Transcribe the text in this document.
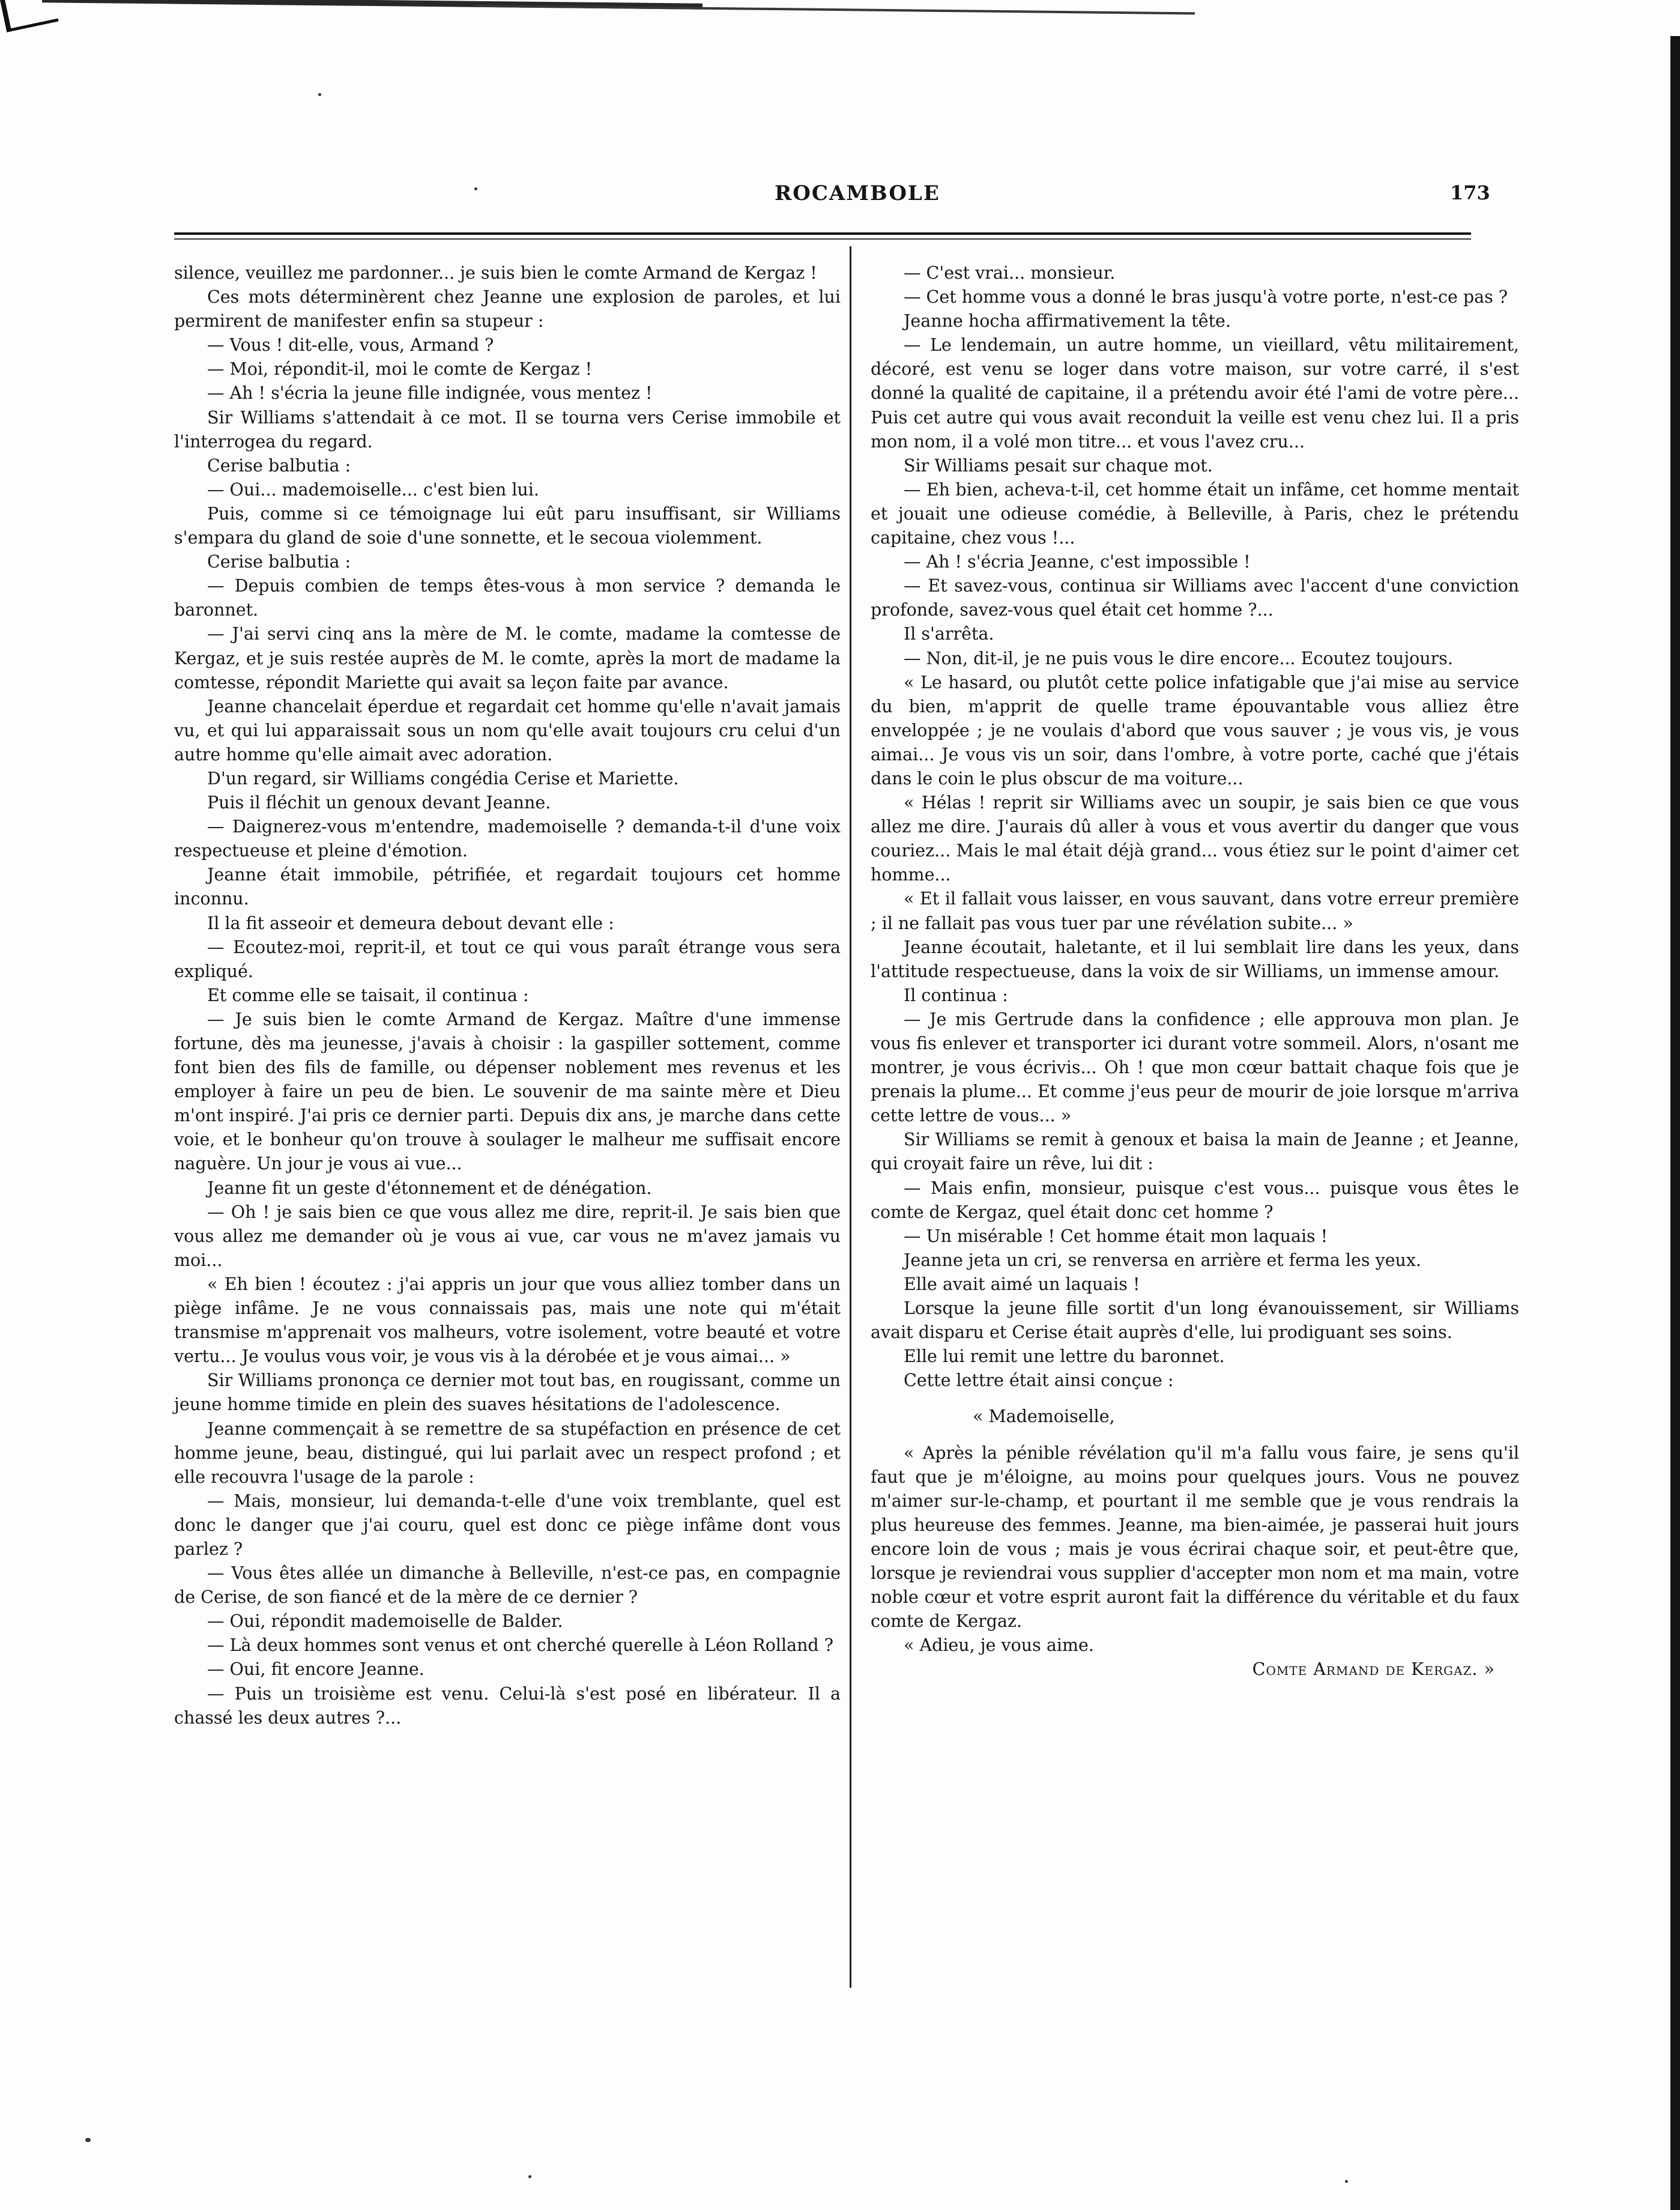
ROCAMBOLE	173

silence, veuillez me pardonner... je suis bien le comte Armand de Kergaz !

Ces mots déterminèrent chez Jeanne une explosion de paroles, et lui permirent de manifester enfin sa stupeur :

— Vous ! dit-elle, vous, Armand ?

— Moi, répondit-il, moi le comte de Kergaz !

— Ah ! s'écria la jeune fille indignée, vous mentez !

Sir Williams s'attendait à ce mot. Il se tourna vers Cerise immobile et l'interrogea du regard.

Cerise balbutia :

— Oui... mademoiselle... c'est bien lui.

Puis, comme si ce témoignage lui eût paru insuffisant, sir Williams s'empara du gland de soie d'une sonnette, et le secoua violemment.

Cerise balbutia :

— Depuis combien de temps êtes-vous à mon service ? demanda le baronnet.

— J'ai servi cinq ans la mère de M. le comte, madame la comtesse de Kergaz, et je suis restée auprès de M. le comte, après la mort de madame la comtesse, répondit Mariette qui avait sa leçon faite par avance.

Jeanne chancelait éperdue et regardait cet homme qu'elle n'avait jamais vu, et qui lui apparaissait sous un nom qu'elle avait toujours cru celui d'un autre homme qu'elle aimait avec adoration.

D'un regard, sir Williams congédia Cerise et Mariette.

Puis il fléchit un genoux devant Jeanne.

— Daignerez-vous m'entendre, mademoiselle ? demanda-t-il d'une voix respectueuse et pleine d'émotion.

Jeanne était immobile, pétrifiée, et regardait toujours cet homme inconnu.

Il la fit asseoir et demeura debout devant elle :

— Ecoutez-moi, reprit-il, et tout ce qui vous paraît étrange vous sera expliqué.

Et comme elle se taisait, il continua :

— Je suis bien le comte Armand de Kergaz. Maître d'une immense fortune, dès ma jeunesse, j'avais à choisir : la gaspiller sottement, comme font bien des fils de famille, ou dépenser noblement mes revenus et les employer à faire un peu de bien. Le souvenir de ma sainte mère et Dieu m'ont inspiré. J'ai pris ce dernier parti. Depuis dix ans, je marche dans cette voie, et le bonheur qu'on trouve à soulager le malheur me suffisait encore naguère. Un jour je vous ai vue...

Jeanne fit un geste d'étonnement et de dénégation.

— Oh ! je sais bien ce que vous allez me dire, reprit-il. Je sais bien que vous allez me demander où je vous ai vue, car vous ne m'avez jamais vu moi...

« Eh bien ! écoutez : j'ai appris un jour que vous alliez tomber dans un piège infâme. Je ne vous connaissais pas, mais une note qui m'était transmise m'apprenait vos malheurs, votre isolement, votre beauté et votre vertu... Je voulus vous voir, je vous vis à la dérobée et je vous aimai... »

Sir Williams prononça ce dernier mot tout bas, en rougissant, comme un jeune homme timide en plein des suaves hésitations de l'adolescence.

Jeanne commençait à se remettre de sa stupéfaction en présence de cet homme jeune, beau, distingué, qui lui parlait avec un respect profond ; et elle recouvra l'usage de la parole :

— Mais, monsieur, lui demanda-t-elle d'une voix tremblante, quel est donc le danger que j'ai couru, quel est donc ce piège infâme dont vous parlez ?

— Vous êtes allée un dimanche à Belleville, n'est-ce pas, en compagnie de Cerise, de son fiancé et de la mère de ce dernier ?

— Oui, répondit mademoiselle de Balder.

— Là deux hommes sont venus et ont cherché querelle à Léon Rolland ?

— Oui, fit encore Jeanne.

— Puis un troisième est venu. Celui-là s'est posé en libérateur. Il a chassé les deux autres ?...

— C'est vrai... monsieur.

— Cet homme vous a donné le bras jusqu'à votre porte, n'est-ce pas ?

Jeanne hocha affirmativement la tête.

— Le lendemain, un autre homme, un vieillard, vêtu militairement, décoré, est venu se loger dans votre maison, sur votre carré, il s'est donné la qualité de capitaine, il a prétendu avoir été l'ami de votre père... Puis cet autre qui vous avait reconduit la veille est venu chez lui. Il a pris mon nom, il a volé mon titre... et vous l'avez cru...

Sir Williams pesait sur chaque mot.

— Eh bien, acheva-t-il, cet homme était un infâme, cet homme mentait et jouait une odieuse comédie, à Belleville, à Paris, chez le prétendu capitaine, chez vous !...

— Ah ! s'écria Jeanne, c'est impossible !

— Et savez-vous, continua sir Williams avec l'accent d'une conviction profonde, savez-vous quel était cet homme ?...

Il s'arrêta.

— Non, dit-il, je ne puis vous le dire encore... Ecoutez toujours.

« Le hasard, ou plutôt cette police infatigable que j'ai mise au service du bien, m'apprit de quelle trame épouvantable vous alliez être enveloppée ; je ne voulais d'abord que vous sauver ; je vous vis, je vous aimai... Je vous vis un soir, dans l'ombre, à votre porte, caché que j'étais dans le coin le plus obscur de ma voiture...

« Hélas ! reprit sir Williams avec un soupir, je sais bien ce que vous allez me dire. J'aurais dû aller à vous et vous avertir du danger que vous couriez... Mais le mal était déjà grand... vous étiez sur le point d'aimer cet homme...

« Et il fallait vous laisser, en vous sauvant, dans votre erreur première ; il ne fallait pas vous tuer par une révélation subite... »

Jeanne écoutait, haletante, et il lui semblait lire dans les yeux, dans l'attitude respectueuse, dans la voix de sir Williams, un immense amour.

Il continua :

— Je mis Gertrude dans la confidence ; elle approuva mon plan. Je vous fis enlever et transporter ici durant votre sommeil. Alors, n'osant me montrer, je vous écrivis... Oh ! que mon cœur battait chaque fois que je prenais la plume... Et comme j'eus peur de mourir de joie lorsque m'arriva cette lettre de vous... »

Sir Williams se remit à genoux et baisa la main de Jeanne ; et Jeanne, qui croyait faire un rêve, lui dit :

— Mais enfin, monsieur, puisque c'est vous... puisque vous êtes le comte de Kergaz, quel était donc cet homme ?

— Un misérable ! Cet homme était mon laquais !

Jeanne jeta un cri, se renversa en arrière et ferma les yeux.

Elle avait aimé un laquais !

Lorsque la jeune fille sortit d'un long évanouissement, sir Williams avait disparu et Cerise était auprès d'elle, lui prodiguant ses soins.

Elle lui remit une lettre du baronnet.

Cette lettre était ainsi conçue :

« Mademoiselle,

« Après la pénible révélation qu'il m'a fallu vous faire, je sens qu'il faut que je m'éloigne, au moins pour quelques jours. Vous ne pouvez m'aimer sur-le-champ, et pourtant il me semble que je vous rendrais la plus heureuse des femmes. Jeanne, ma bien-aimée, je passerai huit jours encore loin de vous ; mais je vous écrirai chaque soir, et peut-être que, lorsque je reviendrai vous supplier d'accepter mon nom et ma main, votre noble cœur et votre esprit auront fait la différence du véritable et du faux comte de Kergaz.

« Adieu, je vous aime.

Comte Armand de Kergaz. »
